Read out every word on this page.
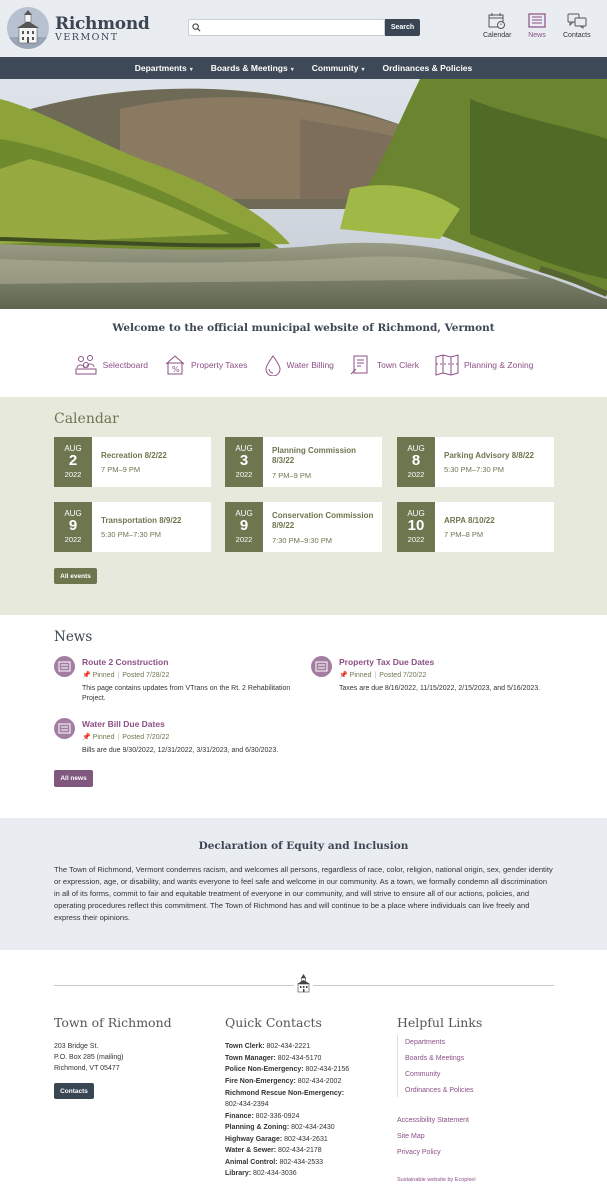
Richmond
VERMONT
Search
Calendar News Contacts
Departments ▾	Boards & Meetings ▾	Community ▾	Ordinances & Policies
Welcome to the official municipal website of Richmond, Vermont
Selectboard	% Property Taxes	Water Billing	Town Clerk	Planning & Zoning
Calendar
AUG
2
2022
Recreation 8/2/22
7 PM–9 PM
AUG
3
2022
Planning Commission 8/3/22
7 PM–9 PM
AUG
8
2022
Parking Advisory 8/8/22
5:30 PM–7:30 PM
AUG
9
2022
Transportation 8/9/22
5:30 PM–7:30 PM
AUG
9
2022
Conservation Commission 8/9/22
7:30 PM–9:30 PM
AUG
10
2022
ARPA 8/10/22
7 PM–8 PM
All events
News
Route 2 Construction
📌 Pinned | Posted 7/28/22
This page contains updates from VTrans on the Rt. 2 Rehabilitation Project.
Property Tax Due Dates
📌 Pinned | Posted 7/20/22
Taxes are due 8/16/2022, 11/15/2022, 2/15/2023, and 5/16/2023.
Water Bill Due Dates
📌 Pinned | Posted 7/20/22
Bills are due 9/30/2022, 12/31/2022, 3/31/2023, and 6/30/2023.
All news
Declaration of Equity and Inclusion
The Town of Richmond, Vermont condemns racism, and welcomes all persons, regardless of race, color, religion, national origin, sex, gender identity or expression, age, or disability, and wants everyone to feel safe and welcome in our community. As a town, we formally condemn all discrimination in all of its forms, commit to fair and equitable treatment of everyone in our community, and will strive to ensure all of our actions, policies, and operating procedures reflect this commitment. The Town of Richmond has and will continue to be a place where individuals can live freely and express their opinions.
Town of Richmond
203 Bridge St.
P.O. Box 285 (mailing)
Richmond, VT 05477
Contacts
Quick Contacts
Town Clerk: 802-434-2221
Town Manager: 802-434-5170
Police Non-Emergency: 802-434-2156
Fire Non-Emergency: 802-434-2002
Richmond Rescue Non-Emergency:
802-434-2394
Finance: 802-336-0924
Planning & Zoning: 802-434-2430
Highway Garage: 802-434-2631
Water & Sewer: 802-434-2178
Animal Control: 802-434-2533
Library: 802-434-3036
Helpful Links
Departments
Boards & Meetings
Community
Ordinances & Policies
Accessibility Statement
Site Map
Privacy Policy
Sustainable website by Ecopixel
